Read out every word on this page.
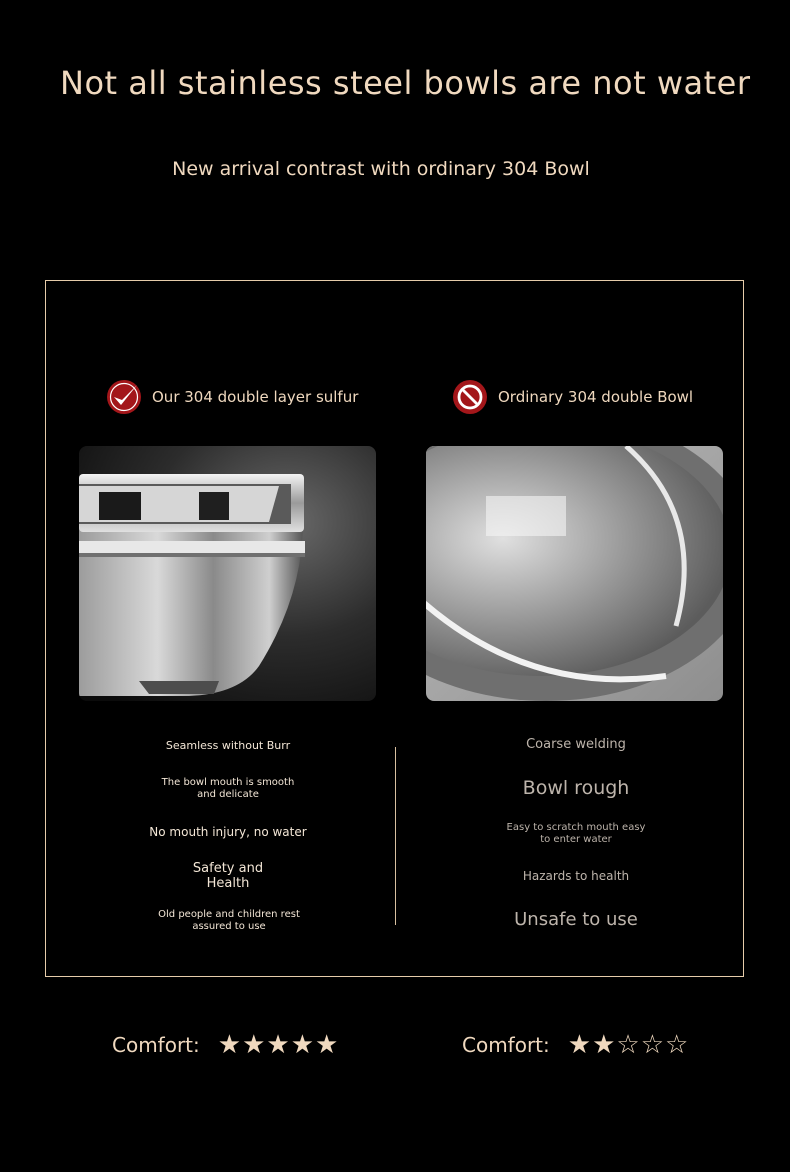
Not all stainless steel bowls are not water
New arrival contrast with ordinary 304 Bowl
Our 304 double layer sulfur	Ordinary 304 double Bowl
Seamless without Burr
The bowl mouth is smooth and delicate
No mouth injury, no water
Safety and Health
Old people and children rest assured to use
Coarse welding
Bowl rough
Easy to scratch mouth easy to enter water
Hazards to health
Unsafe to use
Comfort: ★★★★★	Comfort: ★★☆☆☆
